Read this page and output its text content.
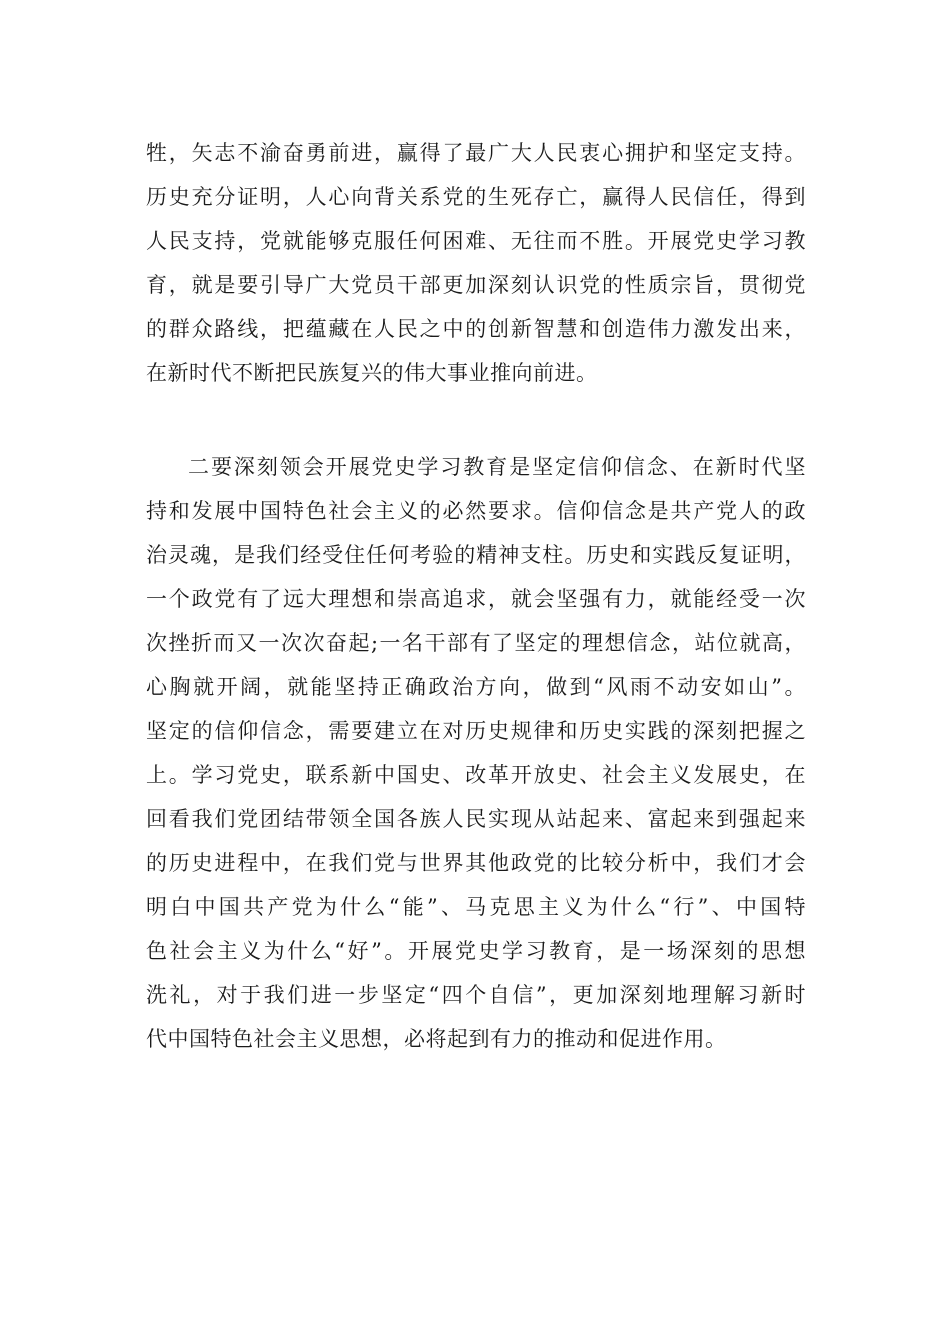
牲，矢志不渝奋勇前进，赢得了最广大人民衷心拥护和坚定支持。
历史充分证明，人心向背关系党的生死存亡，赢得人民信任，得到
人民支持，党就能够克服任何困难、无往而不胜。开展党史学习教
育，就是要引导广大党员干部更加深刻认识党的性质宗旨，贯彻党
的群众路线，把蕴藏在人民之中的创新智慧和创造伟力激发出来，
在新时代不断把民族复兴的伟大事业推向前进。
二要深刻领会开展党史学习教育是坚定信仰信念、在新时代坚
持和发展中国特色社会主义的必然要求。信仰信念是共产党人的政
治灵魂，是我们经受住任何考验的精神支柱。历史和实践反复证明，
一个政党有了远大理想和崇高追求，就会坚强有力，就能经受一次
次挫折而又一次次奋起;一名干部有了坚定的理想信念，站位就高，
心胸就开阔，就能坚持正确政治方向，做到“风雨不动安如山”。
坚定的信仰信念，需要建立在对历史规律和历史实践的深刻把握之
上。学习党史，联系新中国史、改革开放史、社会主义发展史，在
回看我们党团结带领全国各族人民实现从站起来、富起来到强起来
的历史进程中，在我们党与世界其他政党的比较分析中，我们才会
明白中国共产党为什么“能”、马克思主义为什么“行”、中国特
色社会主义为什么“好”。开展党史学习教育，是一场深刻的思想
洗礼，对于我们进一步坚定“四个自信”，更加深刻地理解习新时
代中国特色社会主义思想，必将起到有力的推动和促进作用。
